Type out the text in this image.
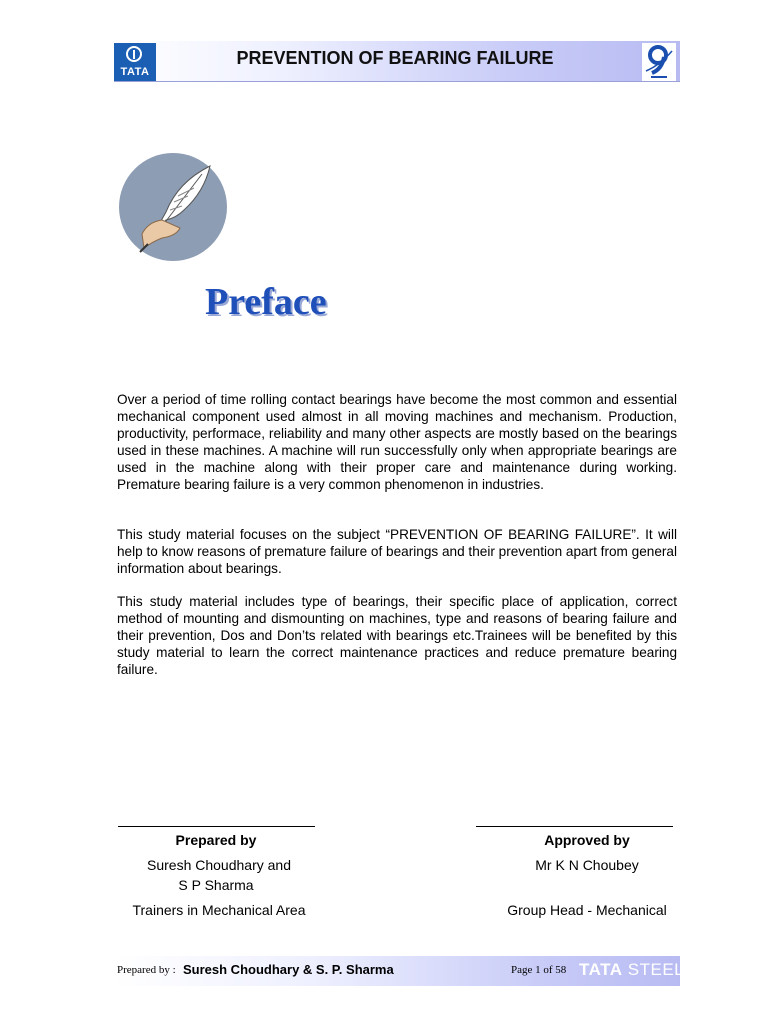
TATA
PREVENTION OF BEARING FAILURE
Preface
Over a period of time rolling contact bearings have become the most common and essential mechanical component used almost in all moving machines and mechanism. Production, productivity, performace, reliability and many other aspects are mostly based on the bearings used in these machines. A machine will run successfully only when appropriate bearings are used in the machine along with their proper care and maintenance during working. Premature bearing failure is a very common phenomenon in industries.
This study material focuses on the subject “PREVENTION OF BEARING FAILURE”. It will help to know reasons of premature failure of bearings and their prevention apart from general information about bearings.
This study material includes type of bearings, their specific place of application, correct method of mounting and dismounting on machines, type and reasons of bearing failure and their prevention, Dos and Don’ts related with bearings etc.Trainees will be benefited by this study material to learn the correct maintenance practices and reduce premature bearing failure.
Prepared by
Suresh Choudhary and
S P Sharma
Trainers in Mechanical Area
Approved by
Mr K N Choubey
Group Head - Mechanical
Prepared by : Suresh Choudhary & S. P. Sharma	Page 1 of 58 TATA STEEL
